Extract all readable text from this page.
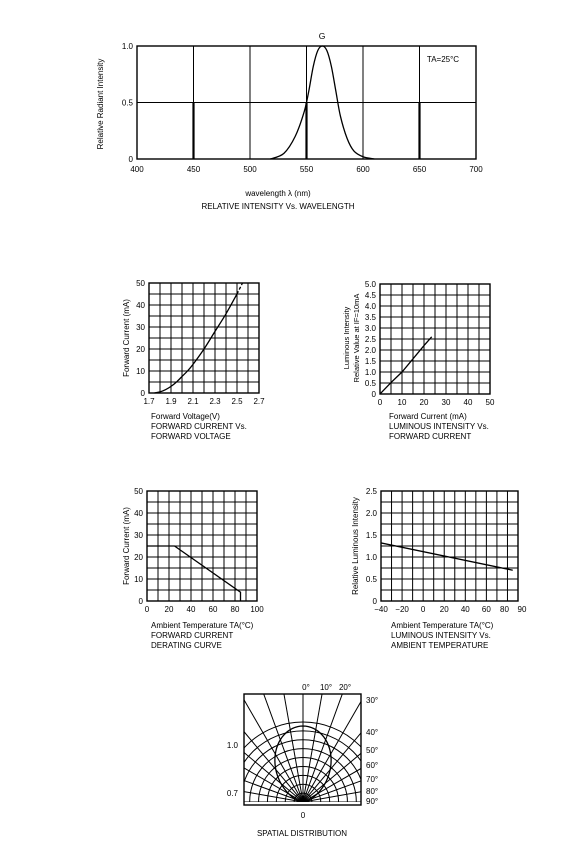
400	450	500	550	600	650	700
0
0.5
1.0
Relative Radiant Intensity
G
TA=25°C
wavelength λ (nm)
RELATIVE INTENSITY Vs. WAVELENGTH
1.7 1.9 2.1 2.3 2.5 2.7
0
10
20
30
40
50
Forward Current (mA)
Forward Voltage(V)
FORWARD CURRENT Vs.
FORWARD VOLTAGE
0 10 20 30 40 50
0
0.5
1.0
1.5
2.0
2.5
3.0
3.5
4.0
4.5
5.0
Luminous Intensity Relative Value at IF=10mA
Forward Current (mA)
LUMINOUS INTENSITY Vs.
FORWARD CURRENT
0 20 40 60 80 100
0
10
20
30
40
50
Forward Current (mA)
Ambient Temperature TA(°C)
FORWARD CURRENT
DERATING CURVE
−40 −20 0 20 40 60 80 90
0
0.5
1.0
1.5
2.0
2.5
Relative Luminous Intensity
Ambient Temperature TA(°C)
LUMINOUS INTENSITY Vs.
AMBIENT TEMPERATURE
0° 10° 20°
30°
40°
50°
60°
70°
80°
90°
1.0
0.7
0
SPATIAL DISTRIBUTION
